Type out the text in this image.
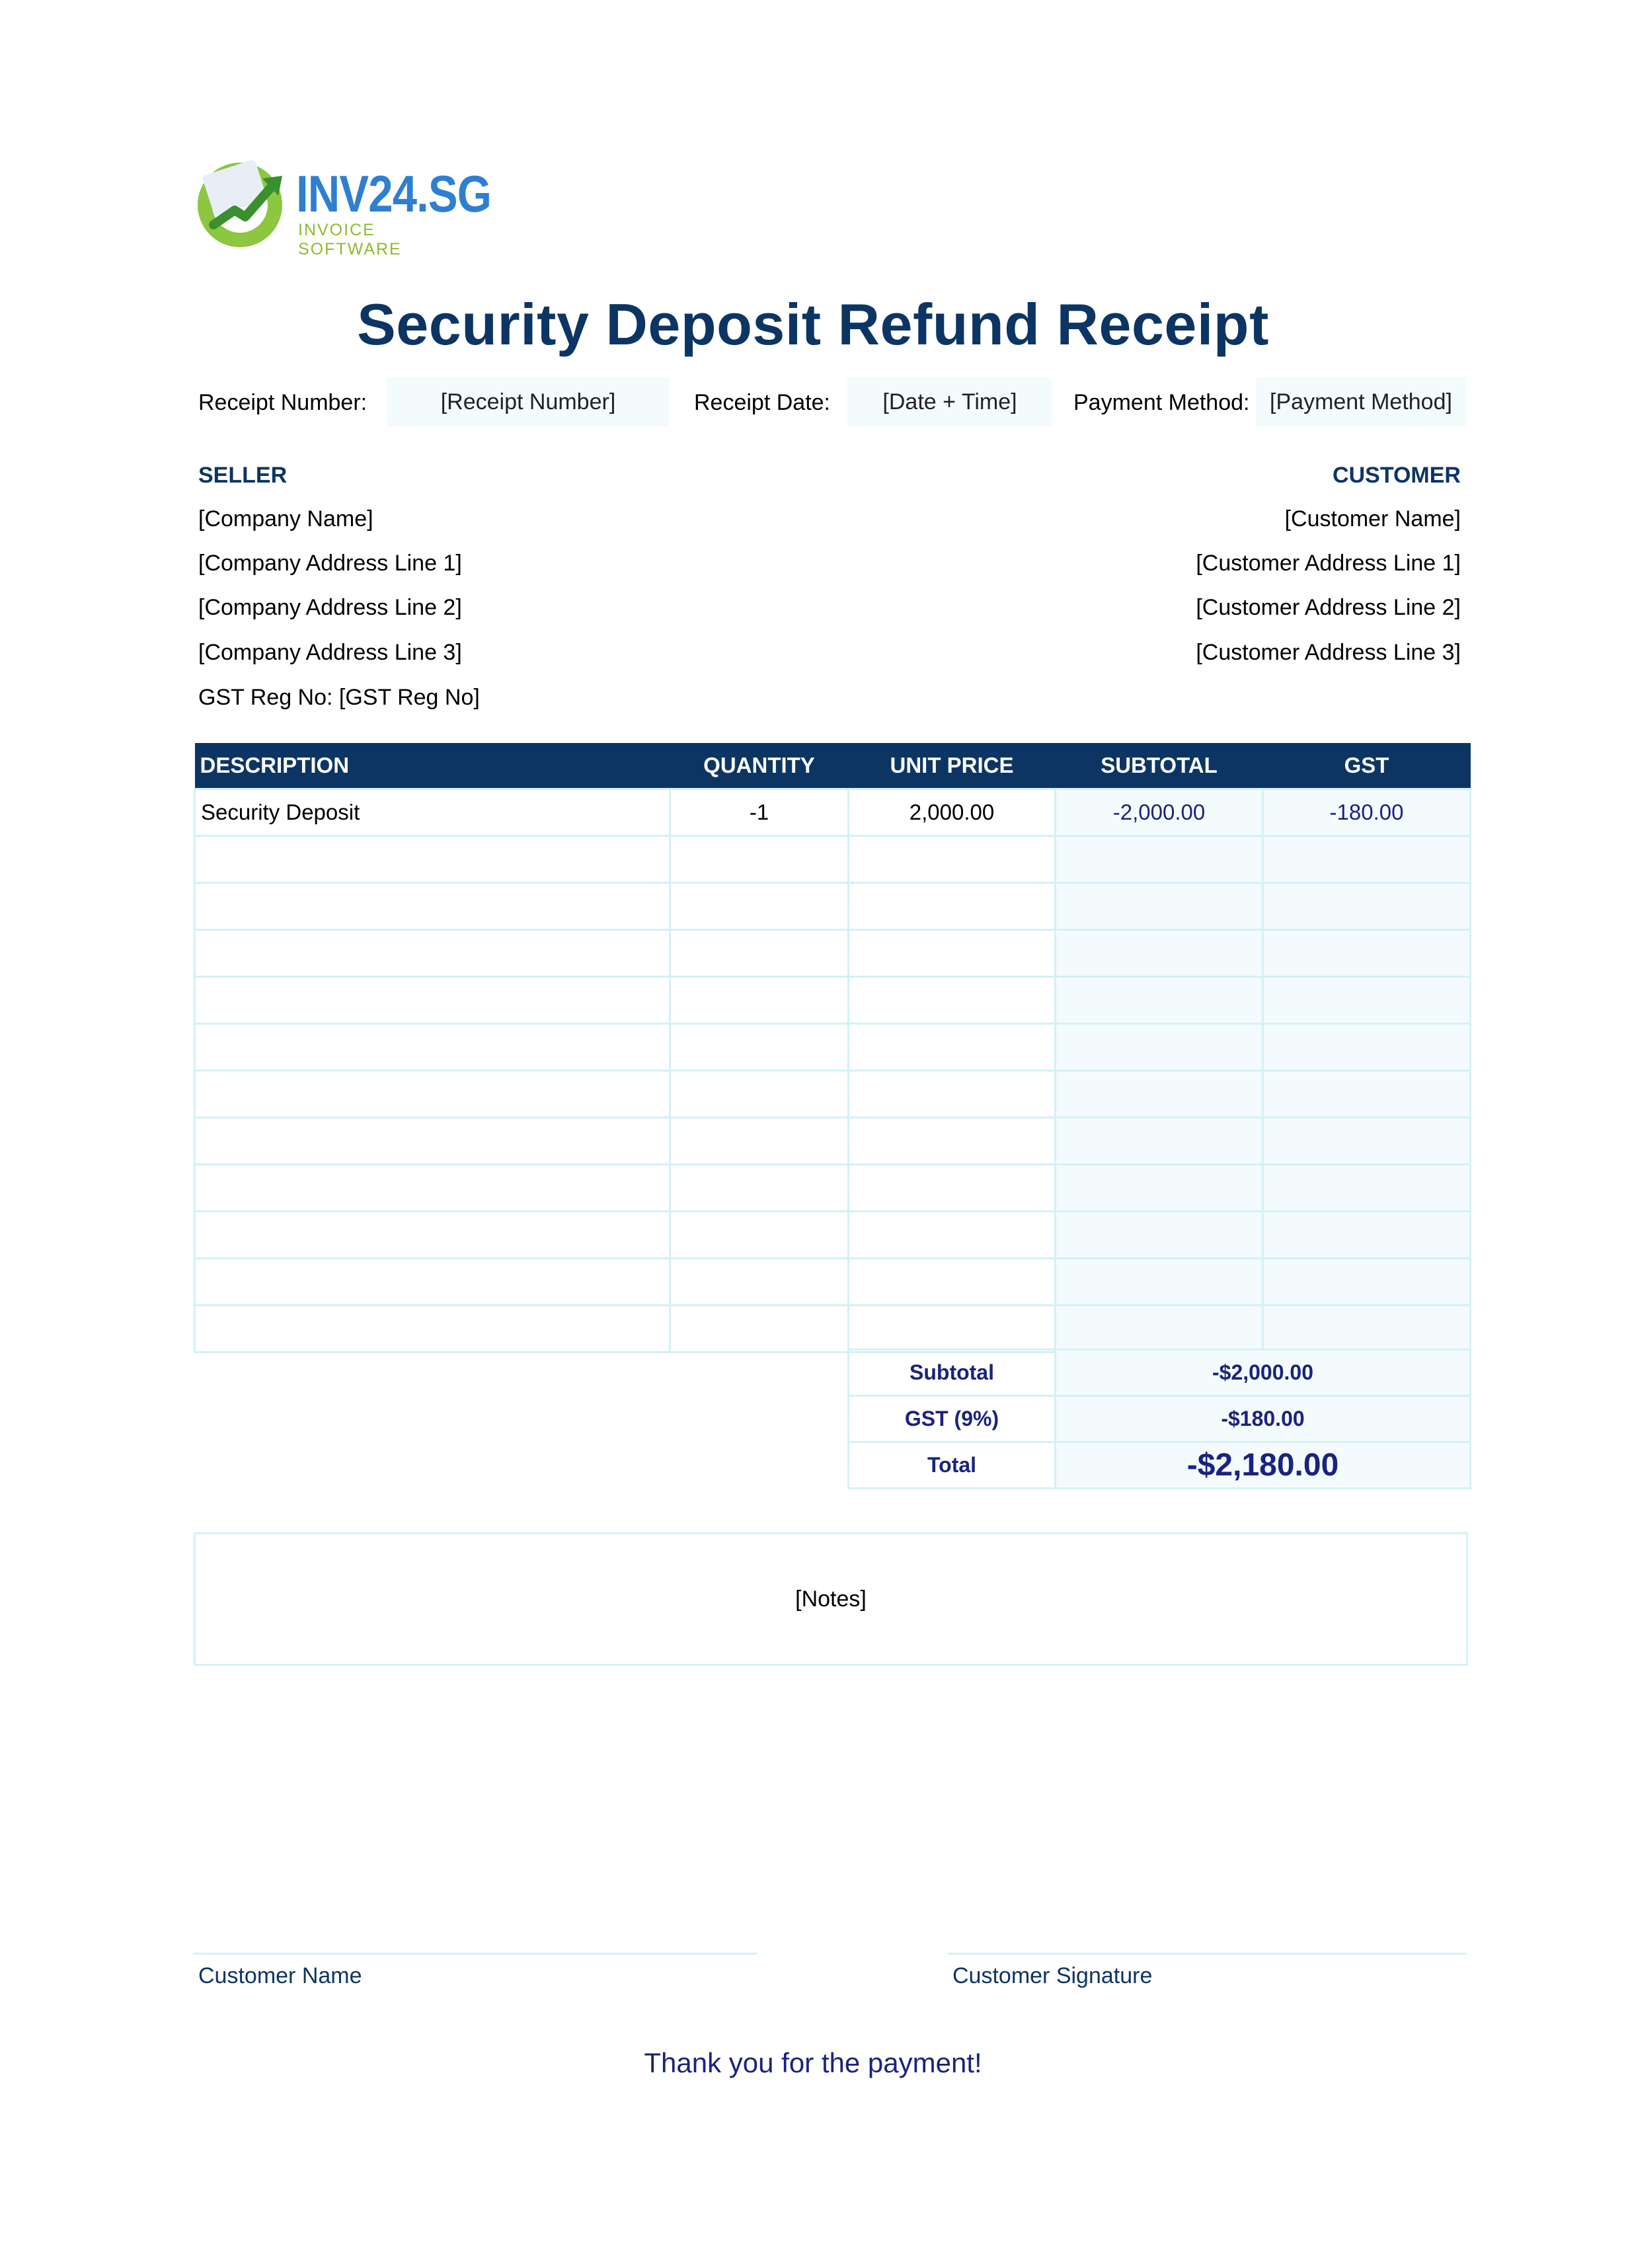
INV24.SG
INVOICE SOFTWARE
Security Deposit Refund Receipt
Receipt Number:	[Receipt Number]	Receipt Date:	[Date + Time]	Payment Method: [Payment Method]
SELLER
[Company Name]
[Company Address Line 1]
[Company Address Line 2]
[Company Address Line 3]
GST Reg No: [GST Reg No]
CUSTOMER
[Customer Name]
[Customer Address Line 1]
[Customer Address Line 2]
[Customer Address Line 3]
DESCRIPTION	QUANTITY	UNIT PRICE	SUBTOTAL	GST
Security Deposit	-1	2,000.00	-2,000.00	-180.00

Subtotal	-$2,000.00
GST (9%)	-$180.00
Total	-$2,180.00
[Notes]
Customer Name	Customer Signature
Thank you for the payment!
